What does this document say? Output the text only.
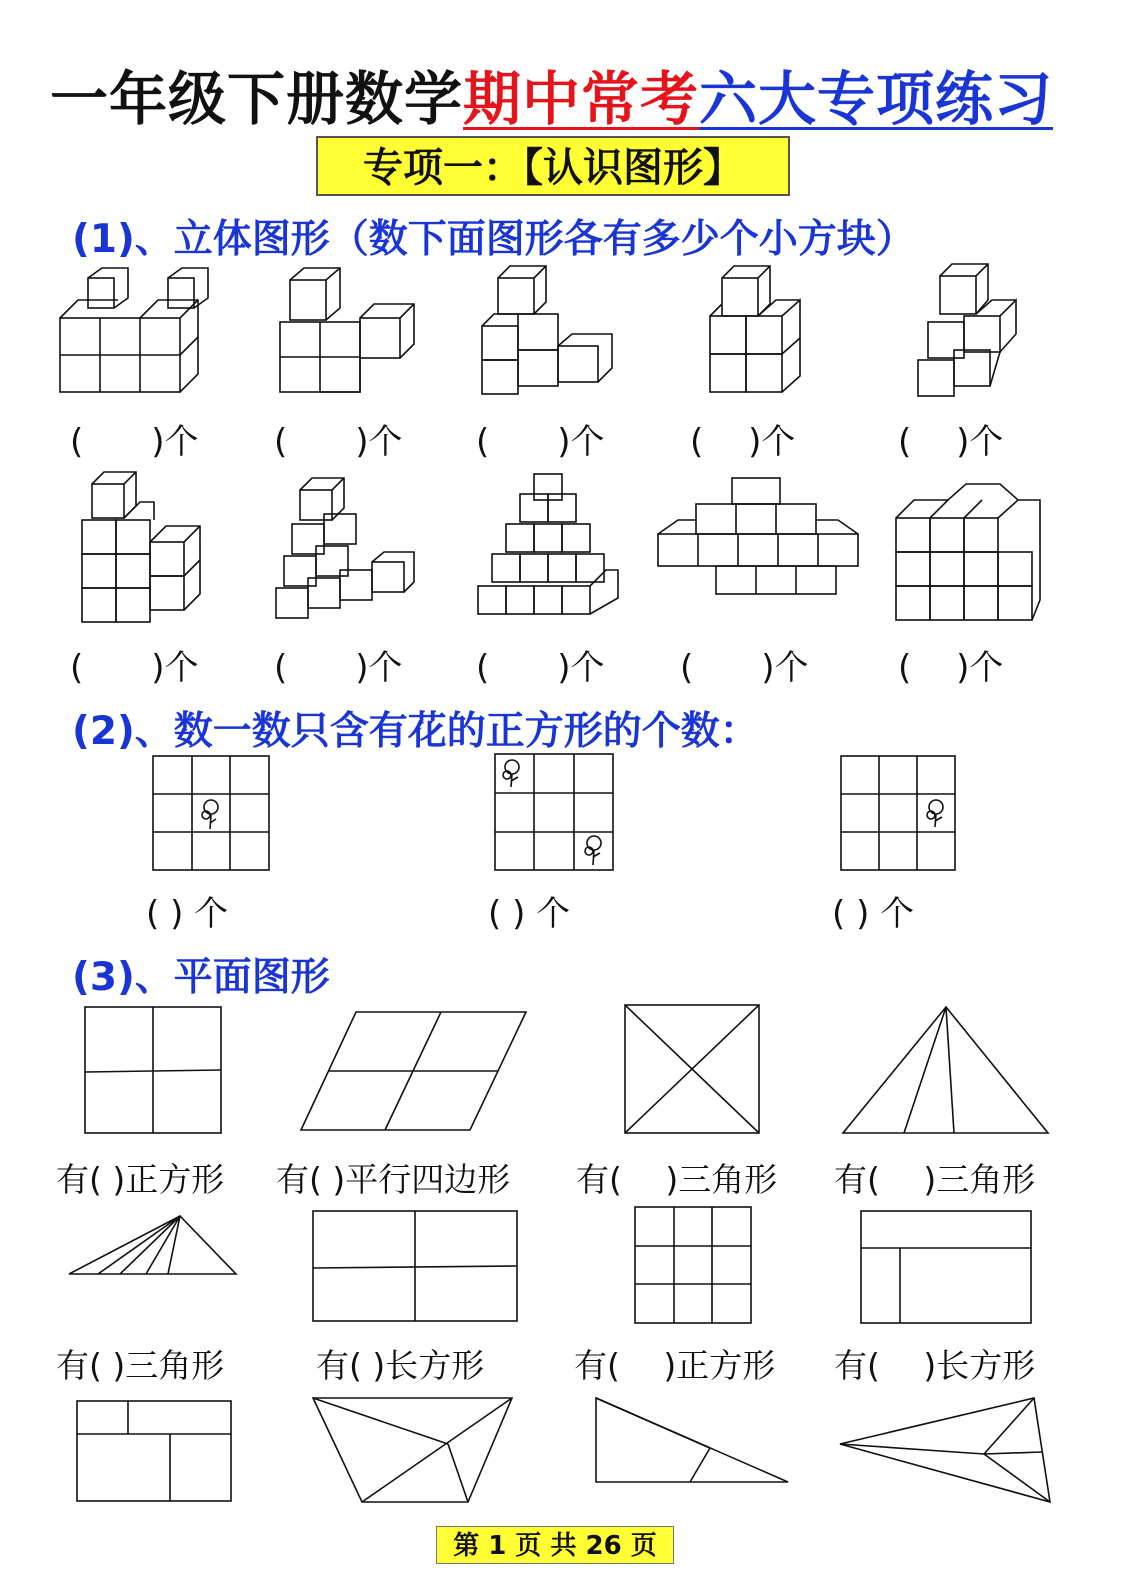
一年级下册数学期中常考六大专项练习
专项一：【认识图形】
(1)、立体图形（数下面图形各有多少个小方块）
(　　)个 (　　)个 (　　)个	(　 )个	(　 )个
(　　)个 (　　)个 (　　)个 (　　)个	(　 )个
(2)、数一数只含有花的正方形的个数：
( ) 个	( ) 个	( ) 个
(3)、平面图形
有( )正方形 有( )平行四边形 有(　 )三角形 有(　 )三角形
有( )三角形	有( )长方形	有(　 )正方形 有(　 )长方形
第 1 页 共 26 页
